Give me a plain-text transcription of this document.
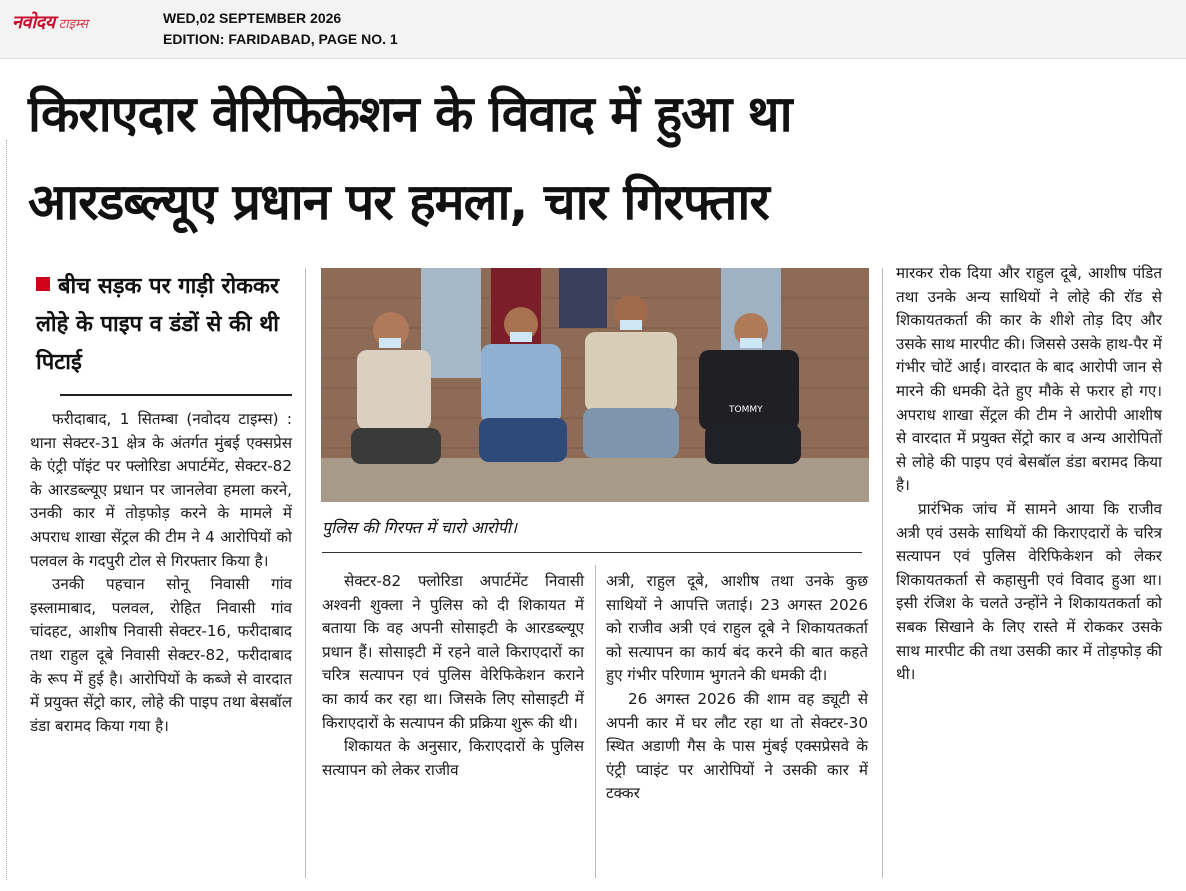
नवोदय टाइम्स	WED,02 SEPTEMBER 2026
EDITION: FARIDABAD, PAGE NO. 1
किराएदार वेरिफिकेशन के विवाद में हुआ था
आरडब्ल्यूए प्रधान पर हमला, चार गिरफ्तार
बीच सड़क पर गाड़ी रोककर लोहे के पाइप व डंडों से की थी पिटाई

फरीदाबाद, 1 सितम्बा (नवोदय टाइम्स) : थाना सेक्टर-31 क्षेत्र के अंतर्गत मुंबई एक्सप्रेस के एंट्री पॉइंट पर फ्लोरिडा अपार्टमेंट, सेक्टर-82 के आरडब्ल्यूए प्रधान पर जानलेवा हमला करने, उनकी कार में तोड़फोड़ करने के मामले में अपराध शाखा सेंट्रल की टीम ने 4 आरोपियों को पलवल के गदपुरी टोल से गिरफ्तार किया है।

उनकी पहचान सोनू निवासी गांव इस्लामाबाद, पलवल, रोहित निवासी गांव चांदहट, आशीष निवासी सेक्टर-16, फरीदाबाद तथा राहुल दूबे निवासी सेक्टर-82, फरीदाबाद के रूप में हुई है। आरोपियों के कब्जे से वारदात में प्रयुक्त सेंट्रो कार, लोहे की पाइप तथा बेसबॉल डंडा बरामद किया गया है।

TOMMY
पुलिस की गिरफ्त में चारो आरोपी।

सेक्टर-82 फ्लोरिडा अपार्टमेंट निवासी अश्वनी शुक्ला ने पुलिस को दी शिकायत में बताया कि वह अपनी सोसाइटी के आरडब्ल्यूए प्रधान हैं। सोसाइटी में रहने वाले किराएदारों का चरित्र सत्यापन एवं पुलिस वेरिफिकेशन कराने का कार्य कर रहा था। जिसके लिए सोसाइटी में किराएदारों के सत्यापन की प्रक्रिया शुरू की थी।

शिकायत के अनुसार, किराएदारों के पुलिस सत्यापन को लेकर राजीव

अत्री, राहुल दूबे, आशीष तथा उनके कुछ साथियों ने आपत्ति जताई। 23 अगस्त 2026 को राजीव अत्री एवं राहुल दूबे ने शिकायतकर्ता को सत्यापन का कार्य बंद करने की बात कहते हुए गंभीर परिणाम भुगतने की धमकी दी।

26 अगस्त 2026 की शाम वह ड्यूटी से अपनी कार में घर लौट रहा था तो सेक्टर-30 स्थित अडाणी गैस के पास मुंबई एक्सप्रेसवे के एंट्री प्वाइंट पर आरोपियों ने उसकी कार में टक्कर

मारकर रोक दिया और राहुल दूबे, आशीष पंडित तथा उनके अन्य साथियों ने लोहे की रॉड से शिकायतकर्ता की कार के शीशे तोड़ दिए और उसके साथ मारपीट की। जिससे उसके हाथ-पैर में गंभीर चोटें आईं। वारदात के बाद आरोपी जान से मारने की धमकी देते हुए मौके से फरार हो गए। अपराध शाखा सेंट्रल की टीम ने आरोपी आशीष से वारदात में प्रयुक्त सेंट्रो कार व अन्य आरोपितों से लोहे की पाइप एवं बेसबॉल डंडा बरामद किया है।

प्रारंभिक जांच में सामने आया कि राजीव अत्री एवं उसके साथियों की किराएदारों के चरित्र सत्यापन एवं पुलिस वेरिफिकेशन को लेकर शिकायतकर्ता से कहासुनी एवं विवाद हुआ था। इसी रंजिश के चलते उन्होंने ने शिकायतकर्ता को सबक सिखाने के लिए रास्ते में रोककर उसके साथ मारपीट की तथा उसकी कार में तोड़फोड़ की थी।
